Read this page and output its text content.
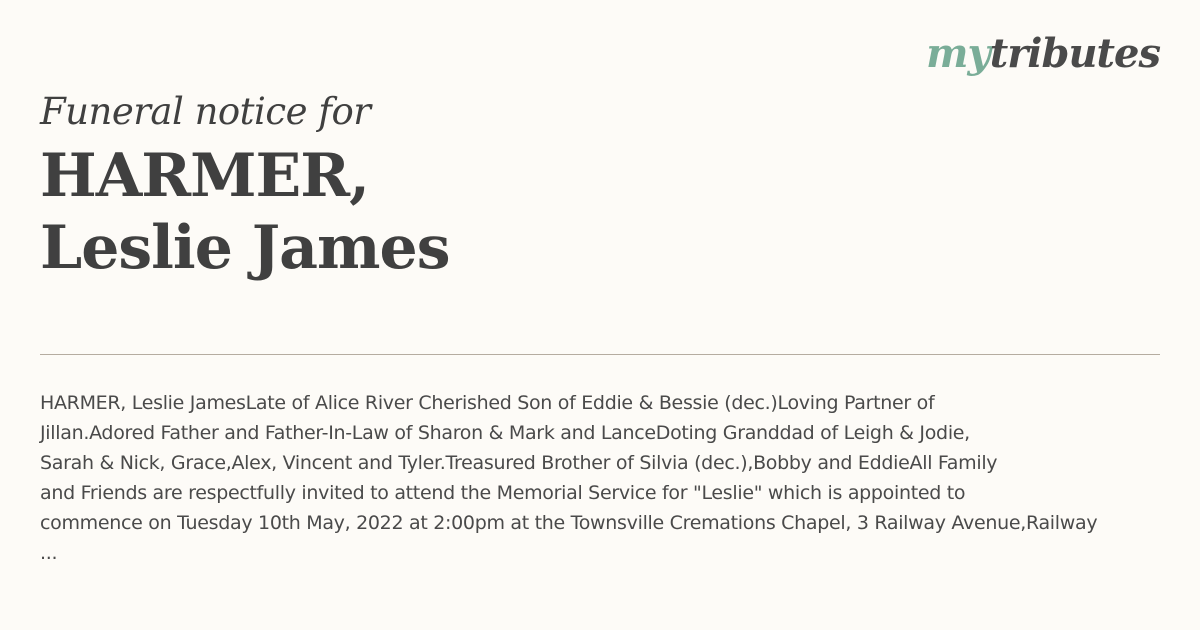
mytributes
Funeral notice for
HARMER,
Leslie James
HARMER, Leslie JamesLate of Alice River Cherished Son of Eddie & Bessie (dec.)Loving Partner of
Jillan.Adored Father and Father-In-Law of Sharon & Mark and LanceDoting Granddad of Leigh & Jodie,
Sarah & Nick, Grace,Alex, Vincent and Tyler.Treasured Brother of Silvia (dec.),Bobby and EddieAll Family
and Friends are respectfully invited to attend the Memorial Service for "Leslie" which is appointed to
commence on Tuesday 10th May, 2022 at 2:00pm at the Townsville Cremations Chapel, 3 Railway Avenue,Railway
...
